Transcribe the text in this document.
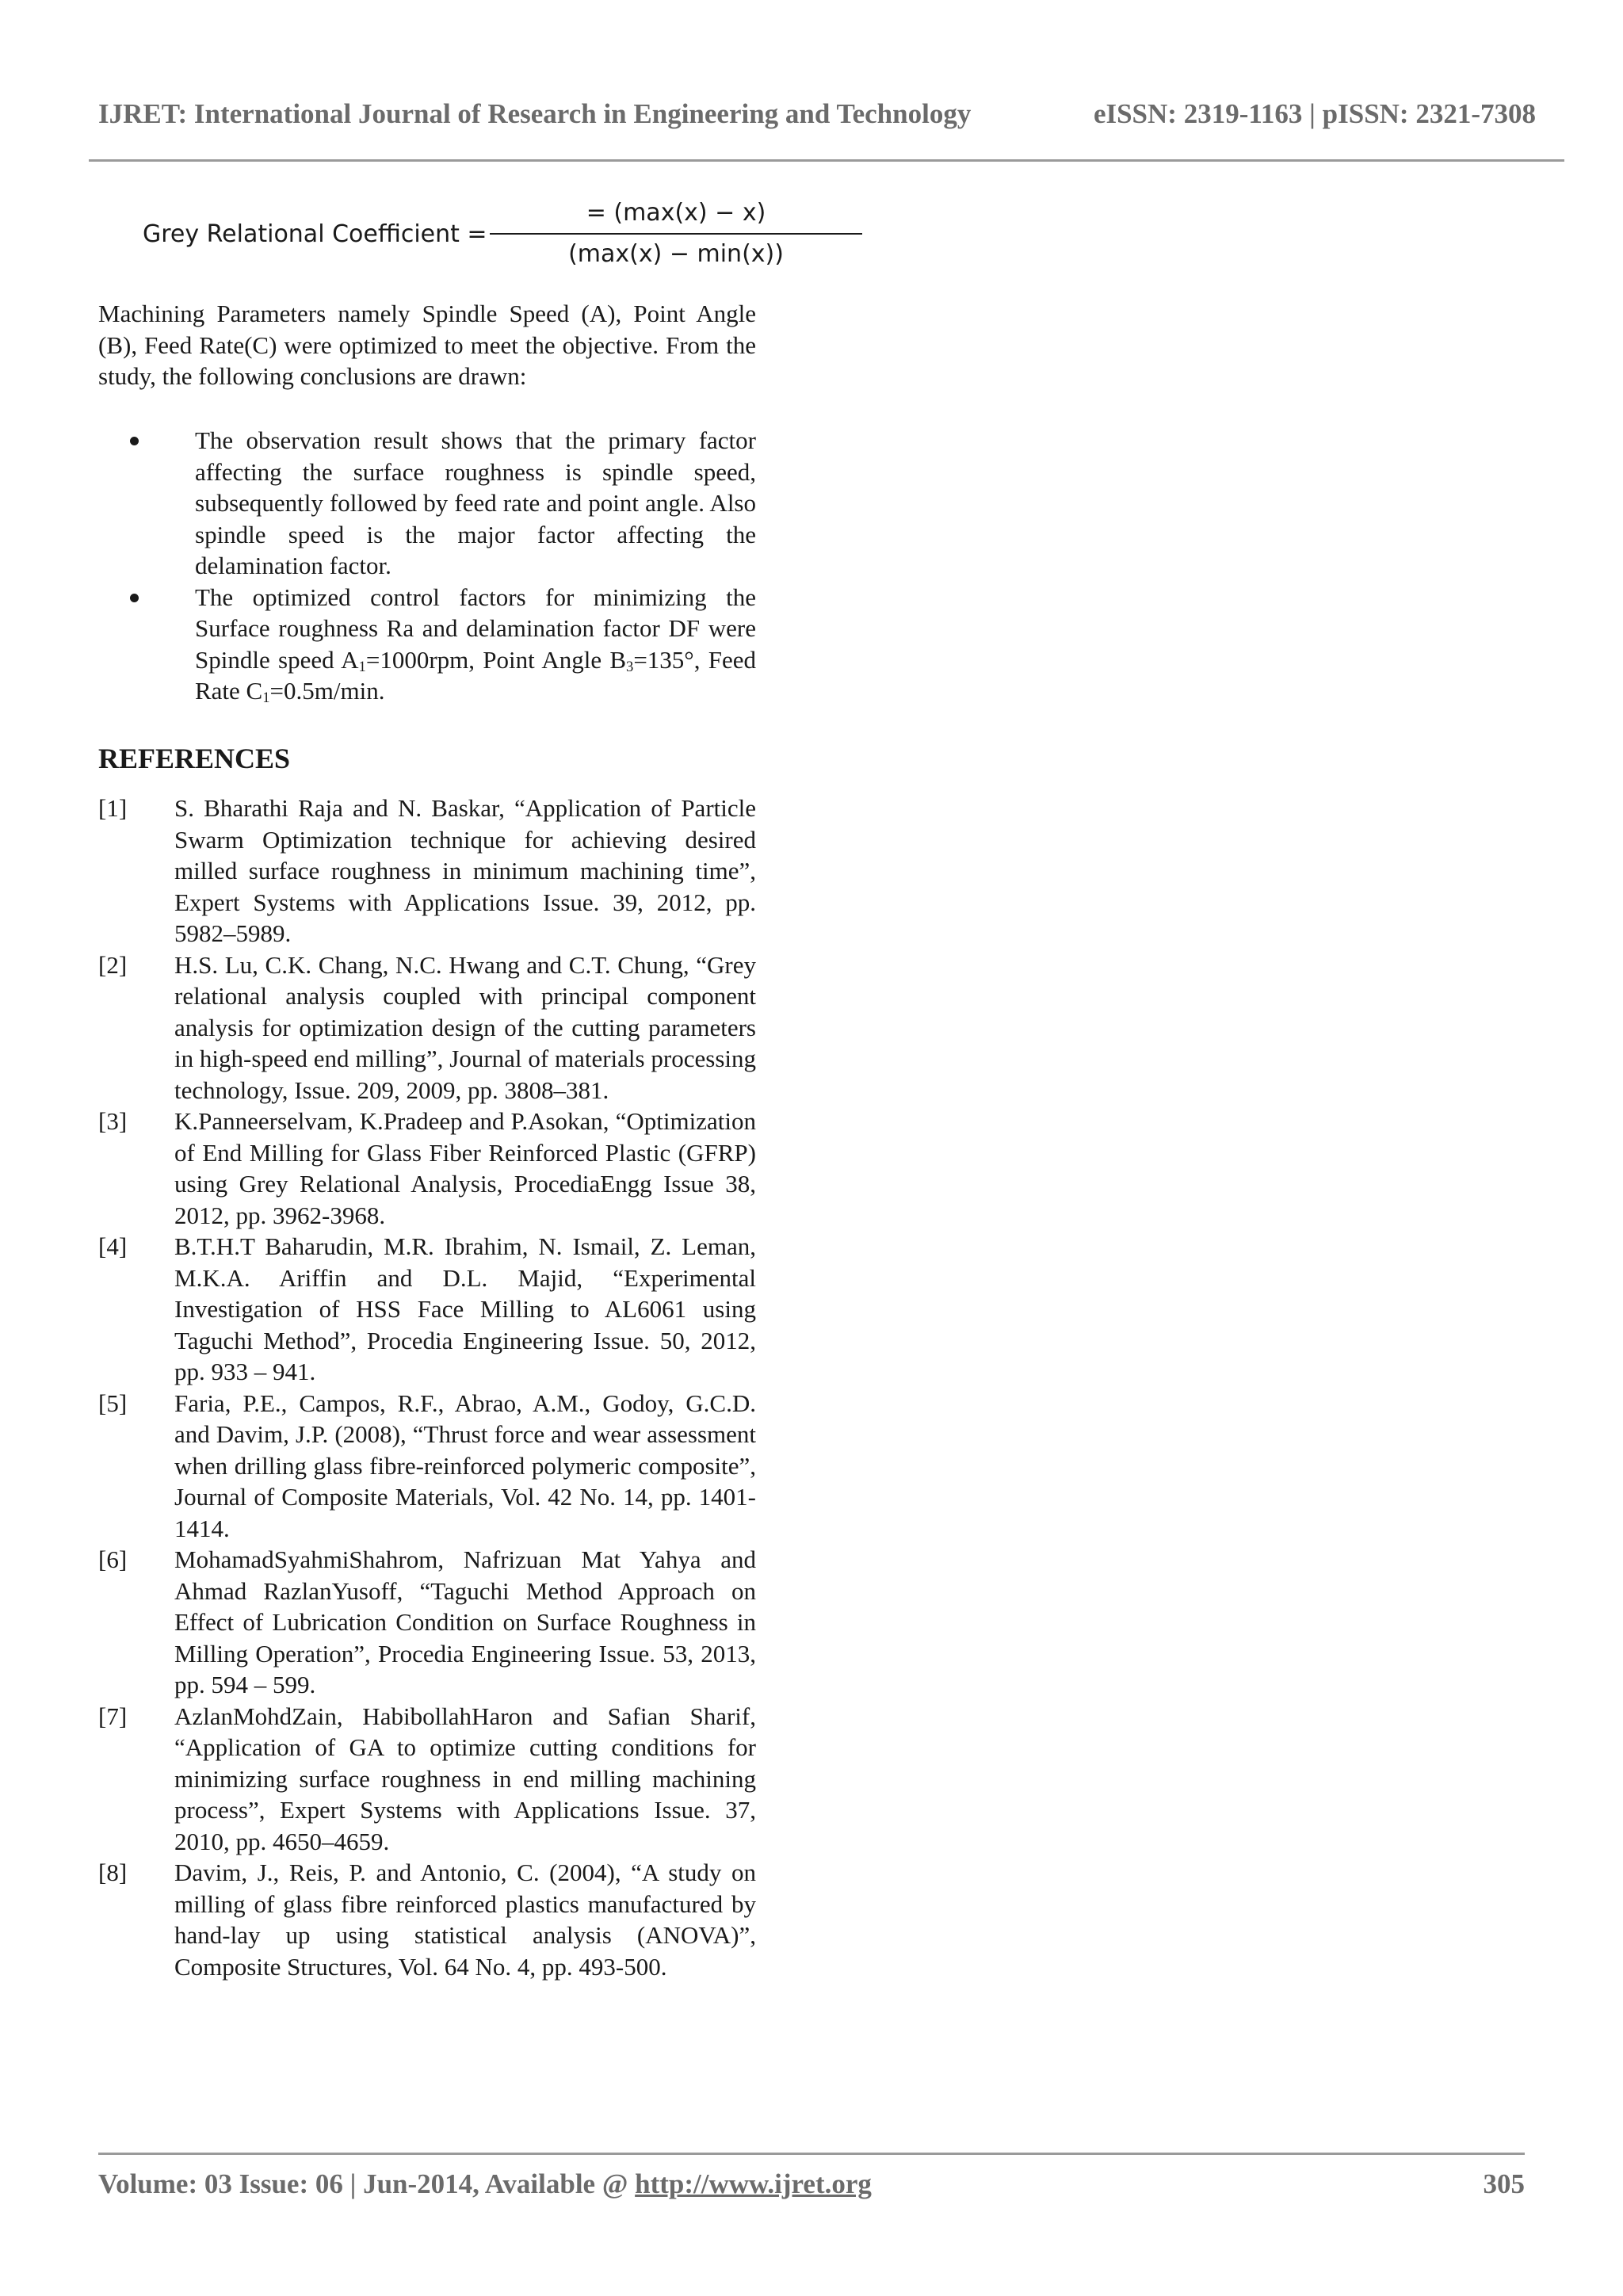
IJRET: International Journal of Research in Engineering and Technology	eISSN: 2319-1163 | pISSN: 2321-7308
Grey Relational Coefficient =
= (max(x) − x)
(max(x) − min(x))
Machining Parameters namely Spindle Speed (A), Point Angle (B), Feed Rate(C) were optimized to meet the objective. From the study, the following conclusions are drawn:
The observation result shows that the primary factor affecting the surface roughness is spindle speed, subsequently followed by feed rate and point angle. Also spindle speed is the major factor affecting the delamination factor.
The optimized control factors for minimizing the Surface roughness Ra and delamination factor DF were Spindle speed $A_1=1000rpm$, Point Angle $B_3=135^\circ$, Feed Rate $C_1=0.5m/\min$.
REFERENCES
[1] S. Bharathi Raja and N. Baskar, “Application of Particle Swarm Optimization technique for achieving desired milled surface roughness in minimum machining time”, Expert Systems with Applications Issue. 39, 2012, pp. 5982–5989.
[2] H.S. Lu, C.K. Chang, N.C. Hwang and C.T. Chung, “Grey relational analysis coupled with principal component analysis for optimization design of the cutting parameters in high-speed end milling”, Journal of materials processing technology, Issue. 209, 2009, pp. 3808–381.
[3] K.Panneerselvam, K.Pradeep and P.Asokan, “Optimization of End Milling for Glass Fiber Reinforced Plastic (GFRP) using Grey Relational Analysis, ProcediaEngg Issue 38, 2012, pp. 3962-3968.
[4] B.T.H.T Baharudin, M.R. Ibrahim, N. Ismail, Z. Leman, M.K.A. Ariffin and D.L. Majid, “Experimental Investigation of HSS Face Milling to AL6061 using Taguchi Method”, Procedia Engineering Issue. 50, 2012, pp. 933 – 941.
[5] Faria, P.E., Campos, R.F., Abrao, A.M., Godoy, G.C.D. and Davim, J.P. (2008), “Thrust force and wear assessment when drilling glass fibre-reinforced polymeric composite”, Journal of Composite Materials, Vol. 42 No. 14, pp. 1401-1414.
[6] MohamadSyahmiShahrom, Nafrizuan Mat Yahya and Ahmad RazlanYusoff, “Taguchi Method Approach on Effect of Lubrication Condition on Surface Roughness in Milling Operation”, Procedia Engineering Issue. 53, 2013, pp. 594 – 599.
[7] AzlanMohdZain, HabibollahHaron and Safian Sharif, “Application of GA to optimize cutting conditions for minimizing surface roughness in end milling machining process”, Expert Systems with Applications Issue. 37, 2010, pp. 4650–4659.
[8] Davim, J., Reis, P. and Antonio, C. (2004), “A study on milling of glass fibre reinforced plastics manufactured by hand-lay up using statistical analysis (ANOVA)”, Composite Structures, Vol. 64 No. 4, pp. 493-500.
Volume: 03 Issue: 06 | Jun-2014, Available @ http://www.ijret.org	305
